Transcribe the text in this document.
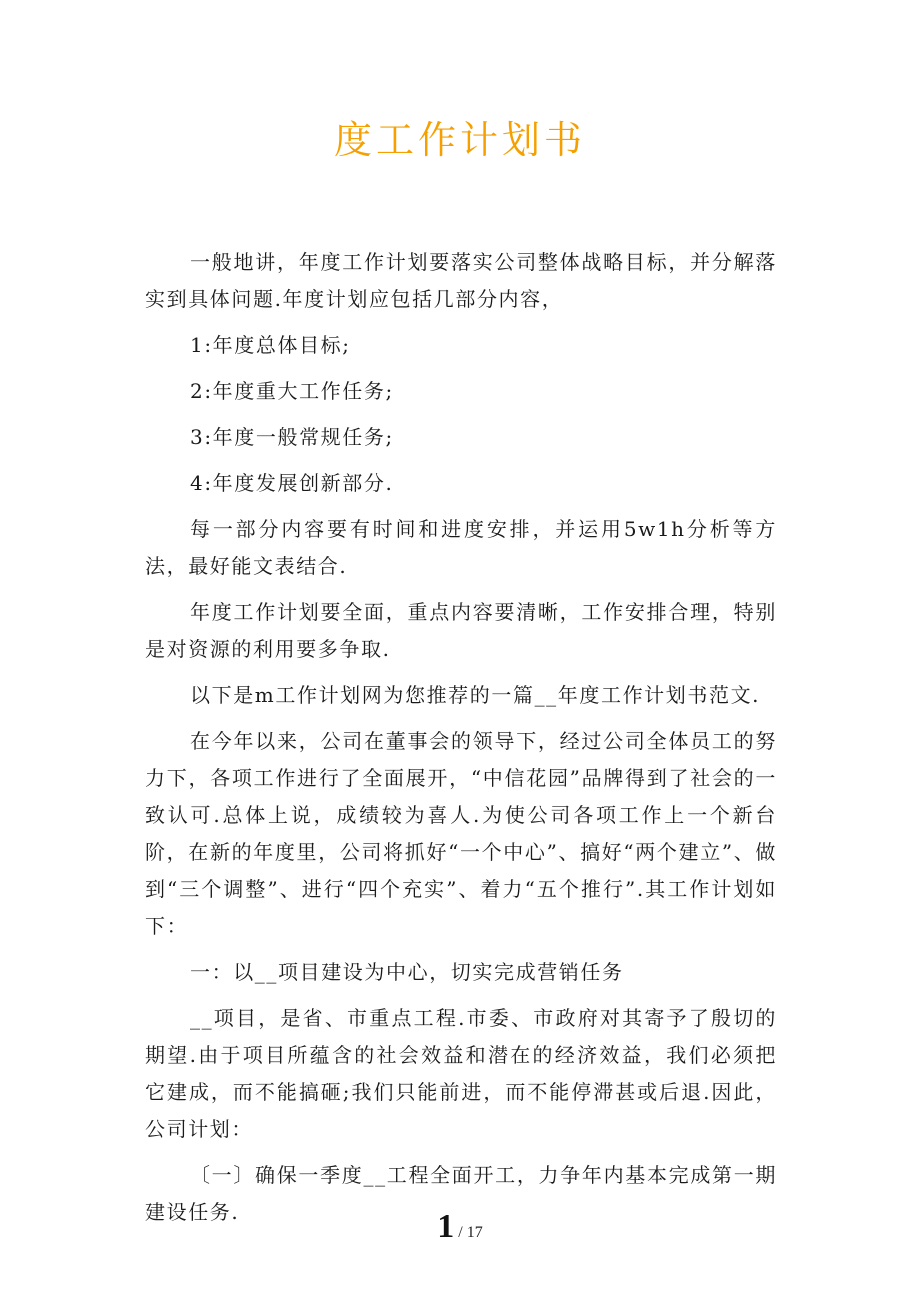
度工作计划书

一般地讲，年度工作计划要落实公司整体战略目标，并分解落实到具体问题.年度计划应包括几部分内容，

1:年度总体目标;

2:年度重大工作任务;

3:年度一般常规任务;

4:年度发展创新部分.

每一部分内容要有时间和进度安排，并运用5w1h分析等方法，最好能文表结合.

年度工作计划要全面，重点内容要清晰，工作安排合理，特别是对资源的利用要多争取.

以下是m工作计划网为您推荐的一篇__年度工作计划书范文.

在今年以来，公司在董事会的领导下，经过公司全体员工的努力下，各项工作进行了全面展开，“中信花园”品牌得到了社会的一致认可.总体上说，成绩较为喜人.为使公司各项工作上一个新台阶，在新的年度里，公司将抓好“一个中心”、搞好“两个建立”、做到“三个调整”、进行“四个充实”、着力“五个推行”.其工作计划如下：

一：以__项目建设为中心，切实完成营销任务

__项目，是省、市重点工程.市委、市政府对其寄予了殷切的期望.由于项目所蕴含的社会效益和潜在的经济效益，我们必须把它建成，而不能搞砸;我们只能前进，而不能停滞甚或后退.因此，公司计划：

〔一〕确保一季度__工程全面开工，力争年内基本完成第一期建设任务.	1 / 17
